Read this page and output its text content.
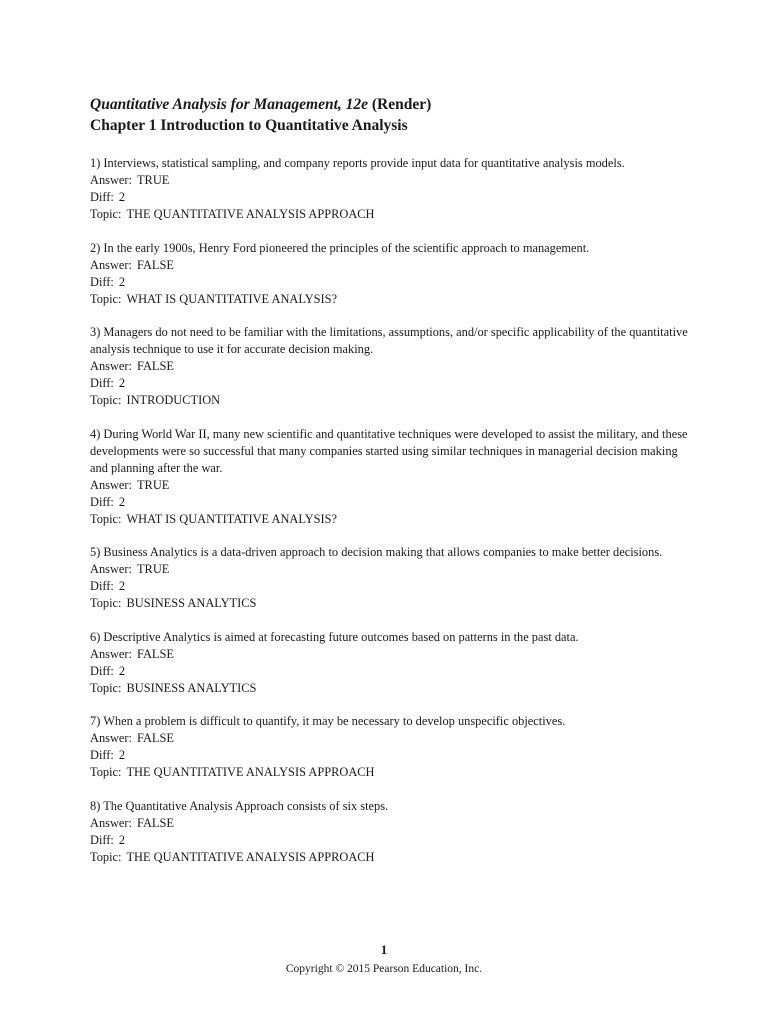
Quantitative Analysis for Management, 12e (Render)

Chapter 1 Introduction to Quantitative Analysis

1) Interviews, statistical sampling, and company reports provide input data for quantitative analysis models.
Answer: TRUE
Diff: 2
Topic: THE QUANTITATIVE ANALYSIS APPROACH
2) In the early 1900s, Henry Ford pioneered the principles of the scientific approach to management.
Answer: FALSE
Diff: 2
Topic: WHAT IS QUANTITATIVE ANALYSIS?
3) Managers do not need to be familiar with the limitations, assumptions, and/or specific applicability of the quantitative analysis technique to use it for accurate decision making.
Answer: FALSE
Diff: 2
Topic: INTRODUCTION
4) During World War II, many new scientific and quantitative techniques were developed to assist the military, and these developments were so successful that many companies started using similar techniques in managerial decision making and planning after the war.
Answer: TRUE
Diff: 2
Topic: WHAT IS QUANTITATIVE ANALYSIS?
5) Business Analytics is a data-driven approach to decision making that allows companies to make better decisions.
Answer: TRUE
Diff: 2
Topic: BUSINESS ANALYTICS
6) Descriptive Analytics is aimed at forecasting future outcomes based on patterns in the past data.
Answer: FALSE
Diff: 2
Topic: BUSINESS ANALYTICS
7) When a problem is difficult to quantify, it may be necessary to develop unspecific objectives.
Answer: FALSE
Diff: 2
Topic: THE QUANTITATIVE ANALYSIS APPROACH
8) The Quantitative Analysis Approach consists of six steps.
Answer: FALSE
Diff: 2
Topic: THE QUANTITATIVE ANALYSIS APPROACH
1
Copyright © 2015 Pearson Education, Inc.
